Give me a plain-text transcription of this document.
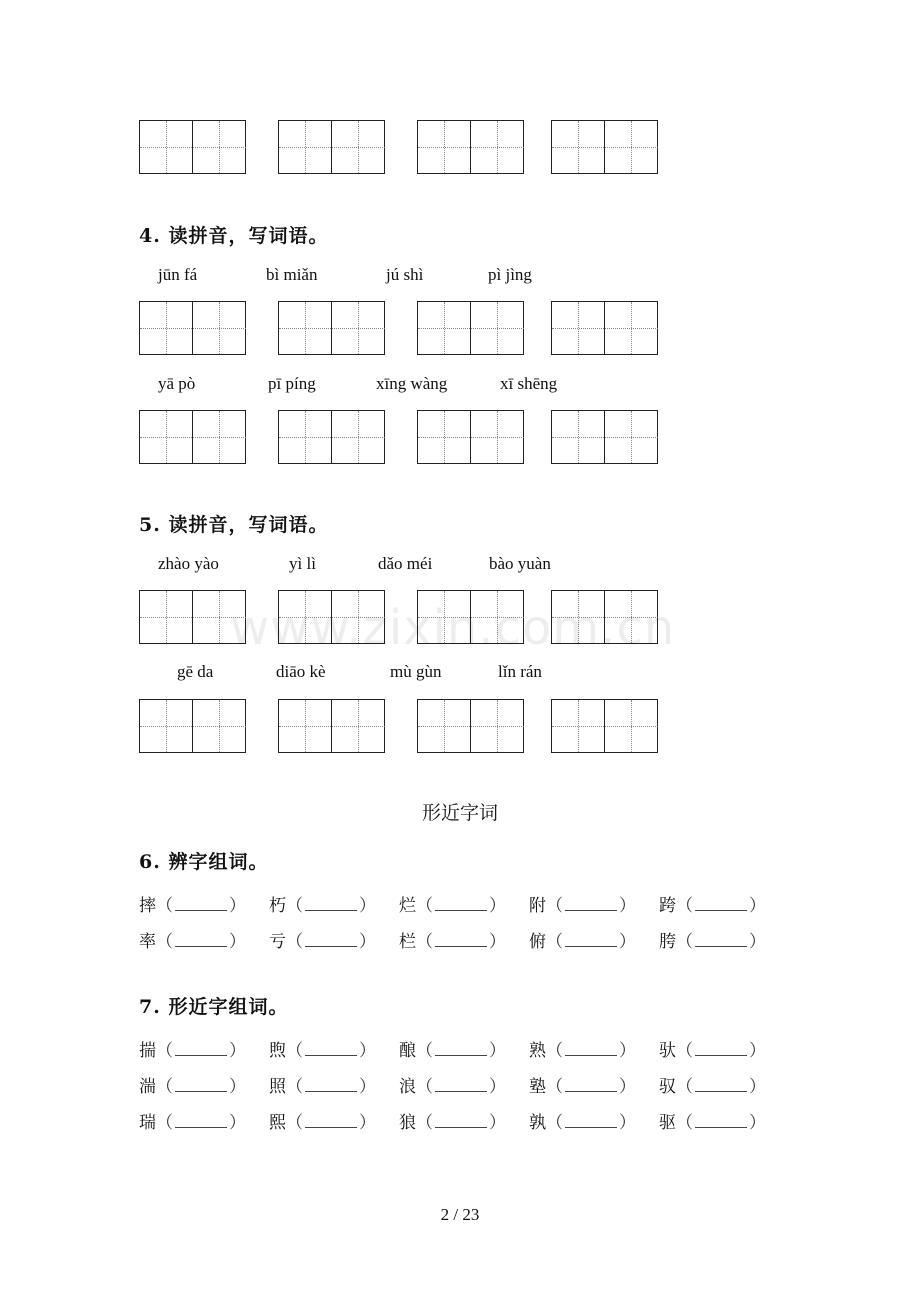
4. 读拼音，写词语。
jūn fá	bì miǎn	jú shì	pì jìng
yā pò	pī píng	xīng wàng	xī shēng
5. 读拼音，写词语。
zhào yào	yì lì	dǎo méi	bào yuàn
gē da	diāo kè	mù gùn	lǐn rán
www.zixin.com.cn
形近字词
6. 辨字组词。
摔（	） 朽（	） 烂（	） 附（	） 跨（	）
率（	） 亏（	） 栏（	） 俯（	） 胯（	）
7. 形近字组词。
揣（	） 煦（	） 酿（	） 熟（	） 驮（	）
湍（	） 照（	） 浪（	） 塾（	） 驭（	）
瑞（	） 熙（	） 狼（	） 孰（	） 驱（	）
2 / 23
